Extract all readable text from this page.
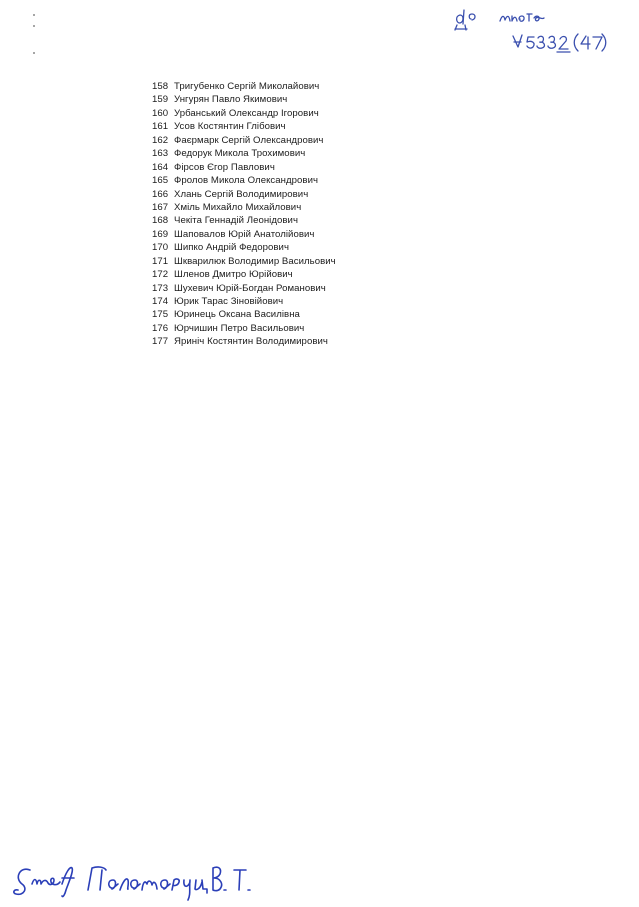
158 Тригубенко Сергій Миколайович
159 Унгурян Павло Якимович
160 Урбанський Олександр Ігорович
161 Усов Костянтин Глібович
162 Фаєрмарк Сергій Олександрович
163 Федорук Микола Трохимович
164 Фірсов Єгор Павлович
165 Фролов Микола Олександрович
166 Хлань Сергій Володимирович
167 Хміль Михайло Михайлович
168 Чекіта Геннадій Леонідович
169 Шаповалов Юрій Анатолійович
170 Шипко Андрій Федорович
171 Шкварилюк Володимир Васильович
172 Шленов Дмитро Юрійович
173 Шухевич Юрій-Богдан Романович
174 Юрик Тарас Зіновійович
175 Юринець Оксана Василівна
176 Юрчишин Петро Васильович
177 Яриніч Костянтин Володимирович
